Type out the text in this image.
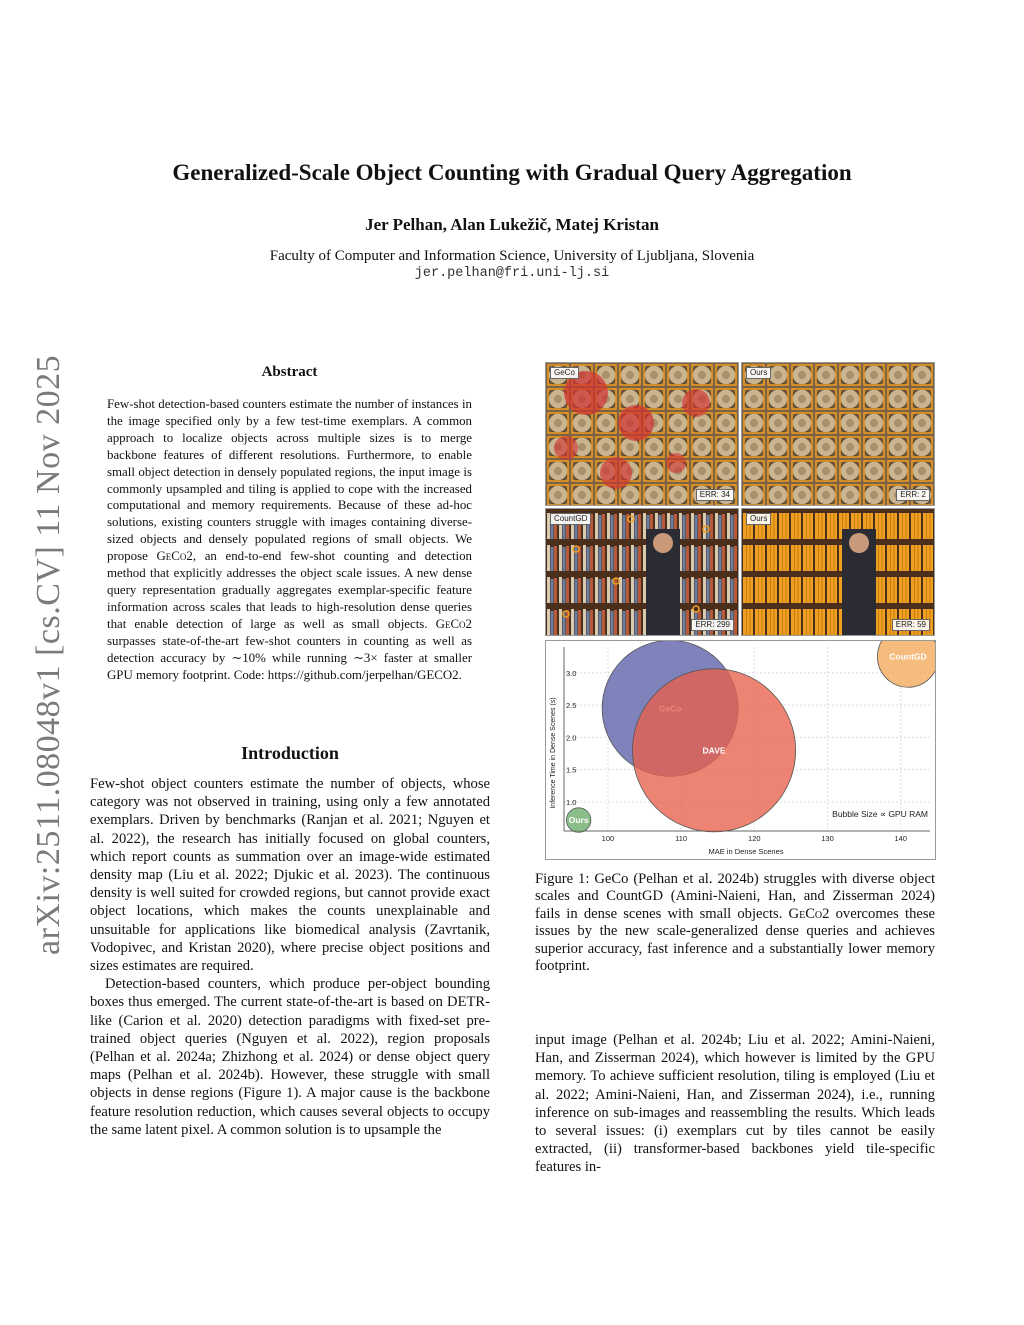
arXiv:2511.08048v1 [cs.CV] 11 Nov 2025
Generalized-Scale Object Counting with Gradual Query Aggregation
Jer Pelhan, Alan Lukežič, Matej Kristan
Faculty of Computer and Information Science, University of Ljubljana, Slovenia
jer.pelhan@fri.uni-lj.si
Abstract
Few-shot detection-based counters estimate the number of instances in the image specified only by a few test-time exemplars. A common approach to localize objects across multiple sizes is to merge backbone features of different resolutions. Furthermore, to enable small object detection in densely populated regions, the input image is commonly upsampled and tiling is applied to cope with the increased computational and memory requirements. Because of these ad-hoc solutions, existing counters struggle with images containing diverse-sized objects and densely populated regions of small objects. We propose GeCo2, an end-to-end few-shot counting and detection method that explicitly addresses the object scale issues. A new dense query representation gradually aggregates exemplar-specific feature information across scales that leads to high-resolution dense queries that enable detection of large as well as small objects. GeCo2 surpasses state-of-the-art few-shot counters in counting as well as detection accuracy by ∼10% while running ∼3× faster at smaller GPU memory footprint. Code: https://github.com/jerpelhan/GECO2.
Introduction

Few-shot object counters estimate the number of objects, whose category was not observed in training, using only a few annotated exemplars. Driven by benchmarks (Ranjan et al. 2021; Nguyen et al. 2022), the research has initially focused on global counters, which report counts as summation over an image-wide estimated density map (Liu et al. 2022; Djukic et al. 2023). The continuous density is well suited for crowded regions, but cannot provide exact object locations, which makes the counts unexplainable and unsuitable for applications like biomedical analysis (Zavrtanik, Vodopivec, and Kristan 2020), where precise object positions and sizes estimates are required.

Detection-based counters, which produce per-object bounding boxes thus emerged. The current state-of-the-art is based on DETR-like (Carion et al. 2020) detection paradigms with fixed-set pre-trained object queries (Nguyen et al. 2022), region proposals (Pelhan et al. 2024a; Zhizhong et al. 2024) or dense object query maps (Pelhan et al. 2024b). However, these struggle with small objects in dense regions (Figure 1). A major cause is the backbone feature resolution reduction, which causes several objects to occupy the same latent pixel. A common solution is to upsample the

input image (Pelhan et al. 2024b; Liu et al. 2022; Amini-Naieni, Han, and Zisserman 2024), which however is limited by the GPU memory. To achieve sufficient resolution, tiling is employed (Liu et al. 2022; Amini-Naieni, Han, and Zisserman 2024), i.e., running inference on sub-images and reassembling the results. Which leads to several issues: (i) exemplars cut by tiles cannot be easily extracted, (ii) transformer-based backbones yield tile-specific features in-

GeCo
ERR: 34
Ours
ERR: 2
CountGD
ERR: 299
Ours
ERR: 59
CountGD
DAVE
Ours
100	110	120	130	140
1.0
1.5
2.0
2.5
3.0
MAE in Dense Scenes
Inference Time in Dense Scenes (s)
Bubble Size ∝ GPU RAM
Figure 1: GeCo (Pelhan et al. 2024b) struggles with diverse object scales and CountGD (Amini-Naieni, Han, and Zisserman 2024) fails in dense scenes with small objects. GeCo2 overcomes these issues by the new scale-generalized dense queries and achieves superior accuracy, fast inference and a substantially lower memory footprint.
